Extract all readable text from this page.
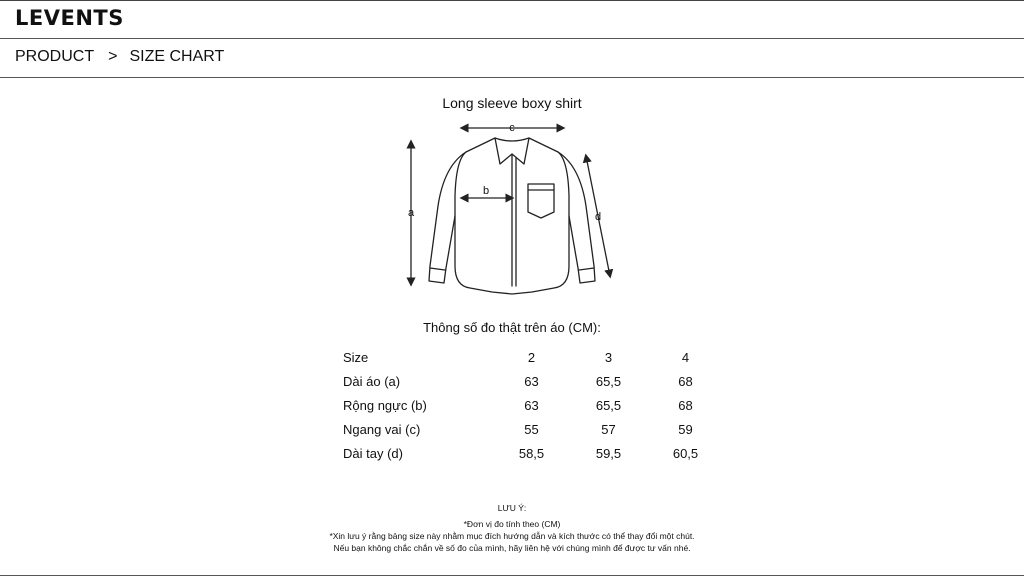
LEVENTS
PRODUCT > SIZE CHART
Long sleeve boxy shirt
c
a	d
b
Thông số đo thật trên áo (CM):
Size	2	3	4
Dài áo (a)	63	65,5	68
Rộng ngực (b)	63	65,5	68
Ngang vai (c)	55	57	59
Dài tay (d)	58,5	59,5	60,5
LƯU Ý:
*Đơn vị đo tính theo (CM)
*Xin lưu ý rằng bảng size này nhằm mục đích hướng dẫn và kích thước có thể thay đổi một chút.
Nếu bạn không chắc chắn về số đo của mình, hãy liên hệ với chúng mình để được tư vấn nhé.
